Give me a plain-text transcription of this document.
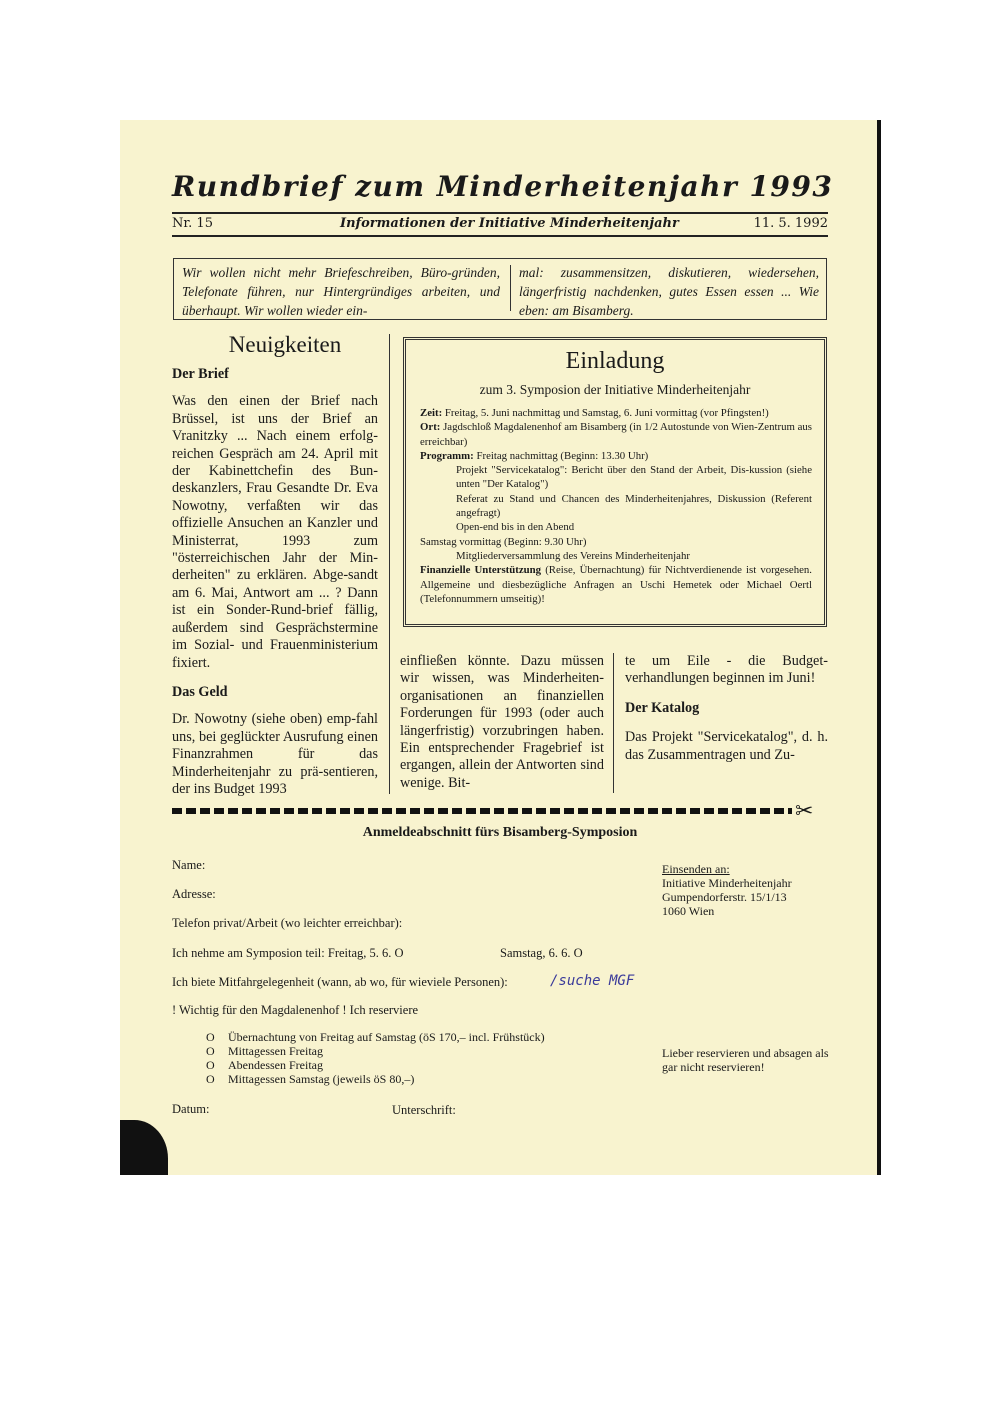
Rundbrief zum Minderheitenjahr 1993
Nr. 15	Informationen der Initiative Minderheitenjahr	11. 5. 1992
Wir wollen nicht mehr Briefeschreiben, Büro-gründen, Telefonate führen, nur Hintergründiges arbeiten, und überhaupt. Wir wollen wieder ein-
mal: zusammensitzen, diskutieren, wiedersehen, längerfristig nachdenken, gutes Essen essen ... Wie eben: am Bisamberg.
Neuigkeiten
Der Brief

Was den einen der Brief nach Brüssel, ist uns der Brief an Vranitzky ... Nach einem erfolg-reichen Gespräch am 24. April mit der Kabinettchefin des Bun-deskanzlers, Frau Gesandte Dr. Eva Nowotny, verfaßten wir das offizielle Ansuchen an Kanzler und Ministerrat, 1993 zum "österreichischen Jahr der Min-derheiten" zu erklären. Abge-sandt am 6. Mai, Antwort am ... ? Dann ist ein Sonder-Rund-brief fällig, außerdem sind Gesprächstermine im Sozial- und Frauenministerium fixiert.

Das Geld

Dr. Nowotny (siehe oben) emp-fahl uns, bei geglückter Ausrufung einen Finanzrahmen für das Minderheitenjahr zu prä-sentieren, der ins Budget 1993

Einladung
zum 3. Symposion der Initiative Minderheitenjahr
Zeit: Freitag, 5. Juni nachmittag und Samstag, 6. Juni vormittag (vor Pfingsten!)
Ort: Jagdschloß Magdalenenhof am Bisamberg (in 1/2 Autostunde von Wien-Zentrum aus erreichbar)
Programm: Freitag nachmittag (Beginn: 13.30 Uhr)
Projekt "Servicekatalog": Bericht über den Stand der Arbeit, Dis-kussion (siehe unten "Der Katalog")
Referat zu Stand und Chancen des Minderheitenjahres, Diskussion (Referent angefragt)
Open-end bis in den Abend
Samstag vormittag (Beginn: 9.30 Uhr)
Mitgliederversammlung des Vereins Minderheitenjahr
Finanzielle Unterstützung (Reise, Übernachtung) für Nichtverdienende ist vorgesehen. Allgemeine und diesbezügliche Anfragen an Uschi Hemetek oder Michael Oertl (Telefonnummern umseitig)!
einfließen könnte. Dazu müssen wir wissen, was Minderheiten-organisationen an finanziellen Forderungen für 1993 (oder auch längerfristig) vorzubringen haben. Ein entsprechender Fragebrief ist ergangen, allein der Antworten sind wenige. Bit-

te um Eile - die Budget-verhandlungen beginnen im Juni!

Der Katalog

Das Projekt "Servicekatalog", d. h. das Zusammentragen und Zu-

✂
Anmeldeabschnitt fürs Bisamberg-Symposion
Name:
Adresse:
Telefon privat/Arbeit (wo leichter erreichbar):
Ich nehme am Symposion teil: Freitag, 5. 6. O	Samstag, 6. 6. O
Ich biete Mitfahrgelegenheit (wann, ab wo, für wieviele Personen):	/suche MGF
! Wichtig für den Magdalenenhof ! Ich reserviere
O Übernachtung von Freitag auf Samstag (öS 170,– incl. Frühstück)
O Mittagessen Freitag
O Abendessen Freitag
O Mittagessen Samstag (jeweils öS 80,–)
Datum:	Unterschrift:
Einsenden an:
Initiative Minderheitenjahr
Gumpendorferstr. 15/1/13
1060 Wien
Lieber reservieren und absagen als gar nicht reservieren!
